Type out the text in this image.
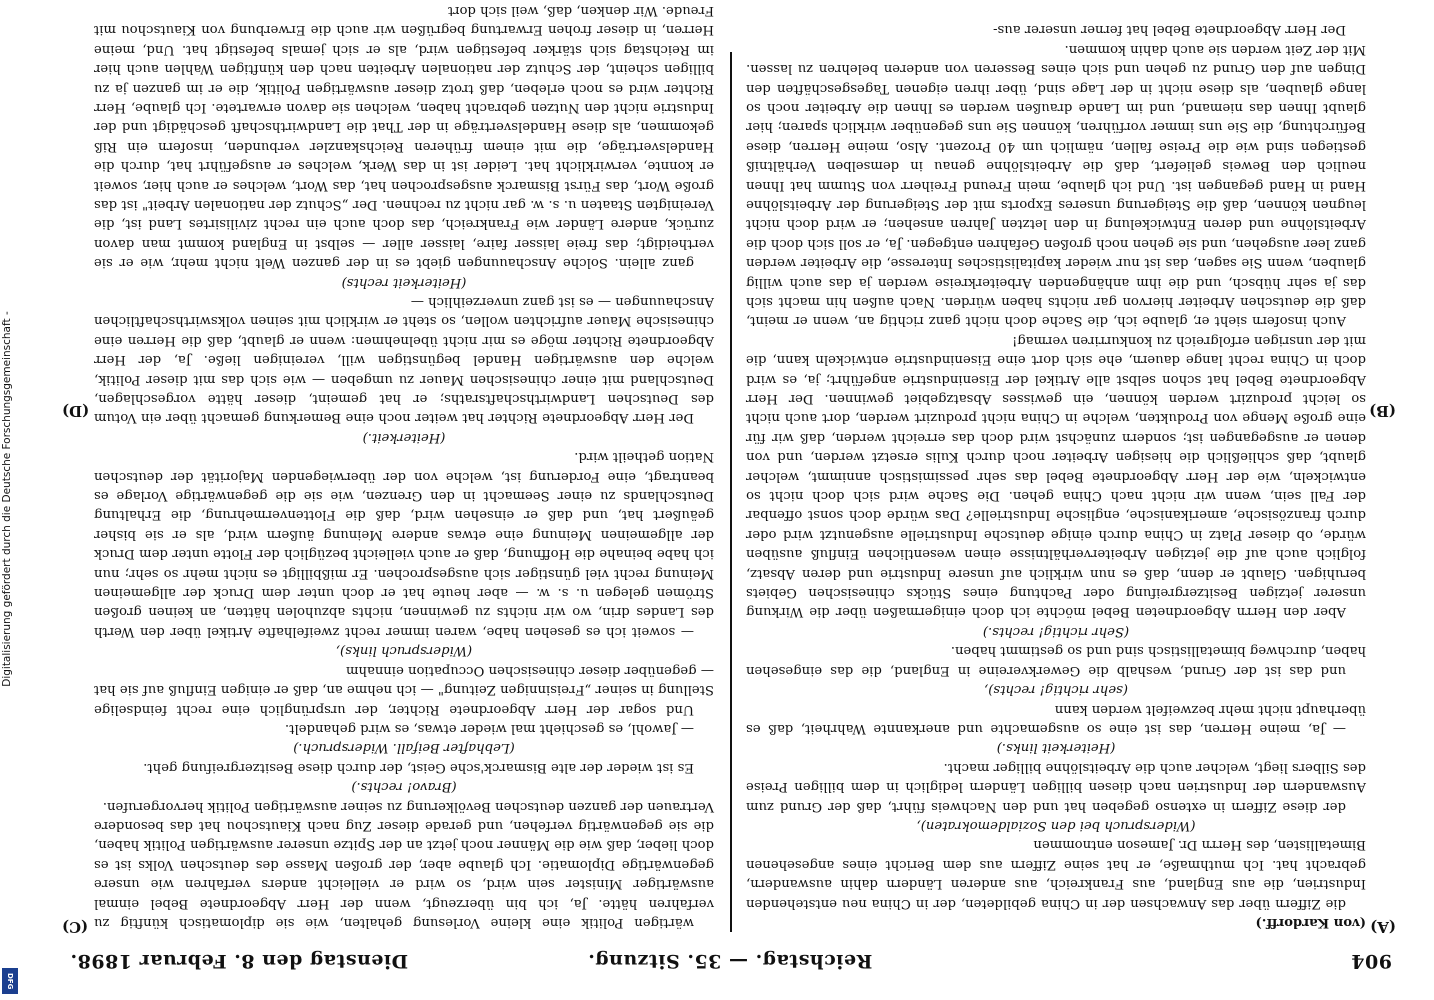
904
Reichstag. — 35. Sitzung.
Dienstag den 8. Februar 1898.
(A)
(B)
(C)
(D)

(von Kardorff.)

die Ziffern über das Anwachsen der in China gebildeten, der in China neu entstehenden Industrien, die aus England, aus Frankreich, aus anderen Ländern dahin auswandern, gebracht hat. Ich muthmaße, er hat seine Ziffern aus dem Bericht eines angesehenen Bimetallisten, des Herrn Dr. Jameson entnommen

(Widerspruch bei den Sozialdemokraten),

der diese Ziffern in extenso gegeben hat und den Nachweis führt, daß der Grund zum Auswandern der Industrien nach diesen billigen Ländern lediglich in dem billigen Preise des Silbers liegt, welcher auch die Arbeitslöhne billiger macht.

(Heiterkeit links.)

— Ja, meine Herren, das ist eine so ausgemachte und anerkannte Wahrheit, daß es überhaupt nicht mehr bezweifelt werden kann

(sehr richtig! rechts),

und das ist der Grund, weshalb die Gewerkvereine in England, die das eingesehen haben, durchweg bimetallistisch sind und so gestimmt haben.

(Sehr richtig! rechts.)

Aber den Herrn Abgeordneten Bebel möchte ich doch einigermaßen über die Wirkung unserer jetzigen Besitzergreifung oder Pachtung eines Stücks chinesischen Gebiets beruhigen. Glaubt er denn, daß es nun wirklich auf unsere Industrie und deren Absatz, folglich auch auf die jetzigen Arbeiterverhältnisse einen wesentlichen Einfluß ausüben würde, ob dieser Platz in China durch einige deutsche Industrielle ausgenutzt wird oder durch französische, amerikanische, englische Industrielle? Das würde doch sonst offenbar der Fall sein, wenn wir nicht nach China gehen. Die Sache wird sich doch nicht so entwickeln, wie der Herr Abgeordnete Bebel das sehr pessimistisch annimmt, welcher glaubt, daß schließlich die hiesigen Arbeiter noch durch Kulis ersetzt werden, und von denen er ausgegangen ist; sondern zunächst wird doch das erreicht werden, daß wir für eine große Menge von Produkten, welche in China nicht produzirt werden, dort auch nicht so leicht produzirt werden können, ein gewisses Absatzgebiet gewinnen. Der Herr Abgeordnete Bebel hat schon selbst alle Artikel der Eisenindustrie angeführt; ja, es wird doch in China recht lange dauern, ehe sich dort eine Eisenindustrie entwickeln kann, die mit der unsrigen erfolgreich zu konkurriren vermag!

Auch insofern sieht er, glaube ich, die Sache doch nicht ganz richtig an, wenn er meint, daß die deutschen Arbeiter hiervon gar nichts haben würden. Nach außen hin macht sich das ja sehr hübsch, und die ihm anhängenden Arbeiterkreise werden ja das auch willig glauben, wenn Sie sagen, das ist nur wieder kapitalistisches Interesse, die Arbeiter werden ganz leer ausgehen, und sie gehen noch großen Gefahren entgegen. Ja, er soll sich doch die Arbeitslöhne und deren Entwickelung in den letzten Jahren ansehen; er wird doch nicht leugnen können, daß die Steigerung unseres Exports mit der Steigerung der Arbeitslöhne Hand in Hand gegangen ist. Und ich glaube, mein Freund Freiherr von Stumm hat Ihnen neulich den Beweis geliefert, daß die Arbeitslöhne genau in demselben Verhältniß gestiegen sind wie die Preise fallen, nämlich um 40 Prozent. Also, meine Herren, diese Befürchtung, die Sie uns immer vorführen, können Sie uns gegenüber wirklich sparen; hier glaubt Ihnen das niemand, und im Lande draußen werden es Ihnen die Arbeiter noch so lange glauben, als diese nicht in der Lage sind, über ihren eigenen Tagesgeschäften den Dingen auf den Grund zu gehen und sich eines Besseren von anderen belehren zu lassen. Mit der Zeit werden sie auch dahin kommen.

Der Herr Abgeordnete Bebel hat ferner unserer aus-

wärtigen Politik eine kleine Vorlesung gehalten, wie sie diplomatisch künftig zu verfahren hätte. Ja, ich bin überzeugt, wenn der Herr Abgeordnete Bebel einmal auswärtiger Minister sein wird, so wird er vielleicht anders verfahren wie unsere gegenwärtige Diplomatie. Ich glaube aber, der großen Masse des deutschen Volks ist es doch lieber, daß wie die Männer noch jetzt an der Spitze unserer auswärtigen Politik haben, die sie gegenwärtig verfehen, und gerade dieser Zug nach Kiautschou hat das besondere Vertrauen der ganzen deutschen Bevölkerung zu seiner auswärtigen Politik hervorgerufen.

(Bravo! rechts.)

Es ist wieder der alte Bismarck'sche Geist, der durch diese Besitzergreifung geht.

(Lebhafter Beifall. Widerspruch.)

— Jawohl, es geschieht mal wieder etwas, es wird gehandelt.

Und sogar der Herr Abgeordnete Richter, der ursprünglich eine recht feindselige Stellung in seiner „Freisinnigen Zeitung" — ich nehme an, daß er einigen Einfluß auf sie hat — gegenüber dieser chinesischen Occupation einnahm

(Widerspruch links),

— soweit ich es gesehen habe, waren immer recht zweifelhafte Artikel über den Werth des Landes drin, wo wir nichts zu gewinnen, nichts abzuholen hätten, an keinen großen Strömen gelegen u. s. w. — aber heute hat er doch unter dem Druck der allgemeinen Meinung recht viel günstiger sich ausgesprochen. Er mißbilligt es nicht mehr so sehr; nun ich habe beinahe die Hoffnung, daß er auch vielleicht bezüglich der Flotte unter dem Druck der allgemeinen Meinung eine etwas andere Meinung äußern wird, als er sie bisher geäußert hat, und daß er einsehen wird, daß die Flottenvermehrung, die Erhaltung Deutschlands zu einer Seemacht in den Grenzen, wie sie die gegenwärtige Vorlage es beantragt, eine Forderung ist, welche von der überwiegenden Majorität der deutschen Nation getheilt wird.

(Heiterkeit.)

Der Herr Abgeordnete Richter hat weiter noch eine Bemerkung gemacht über ein Votum des Deutschen Landwirthschaftsraths; er hat gemeint, dieser hätte vorgeschlagen, Deutschland mit einer chinesischen Mauer zu umgeben — wie sich das mit dieser Politik, welche den auswärtigen Handel begünstigen will, vereinigen ließe. Ja, der Herr Abgeordnete Richter möge es mir nicht übelnehmen: wenn er glaubt, daß die Herren eine chinesische Mauer aufrichten wollen, so steht er wirklich mit seinen volkswirthschaftlichen Anschauungen — es ist ganz unverzeihlich —

(Heiterkeit rechts)

ganz allein. Solche Anschauungen giebt es in der ganzen Welt nicht mehr, wie er sie vertheidigt; das freie laisser faire, laisser aller — selbst in England kommt man davon zurück, andere Länder wie Frankreich, das doch auch ein recht zivilisirtes Land ist, die Vereinigten Staaten u. s. w. gar nicht zu rechnen. Der „Schutz der nationalen Arbeit" ist das große Wort, das Fürst Bismarck ausgesprochen hat, das Wort, welches er auch hier, soweit er konnte, verwirklicht hat. Leider ist in das Werk, welches er ausgeführt hat, durch die Handelsverträge, die mit einem früheren Reichskanzler verbunden, insofern ein Riß gekommen, als diese Handelsverträge in der That die Landwirthschaft geschädigt und der Industrie nicht den Nutzen gebracht haben, welchen sie davon erwartete. Ich glaube, Herr Richter wird es noch erleben, daß trotz dieser auswärtigen Politik, die er im ganzen ja zu billigen scheint, der Schutz der nationalen Arbeiten nach den künftigen Wahlen auch hier im Reichstag sich stärker befestigen wird, als er sich jemals befestigt hat. Und, meine Herren, in dieser frohen Erwartung begrüßen wir auch die Erwerbung von Kiautschou mit Freude. Wir denken, daß, weil sich dort

Digitalisierung gefördert durch die Deutsche Forschungsgemeinschaft -
DFG
